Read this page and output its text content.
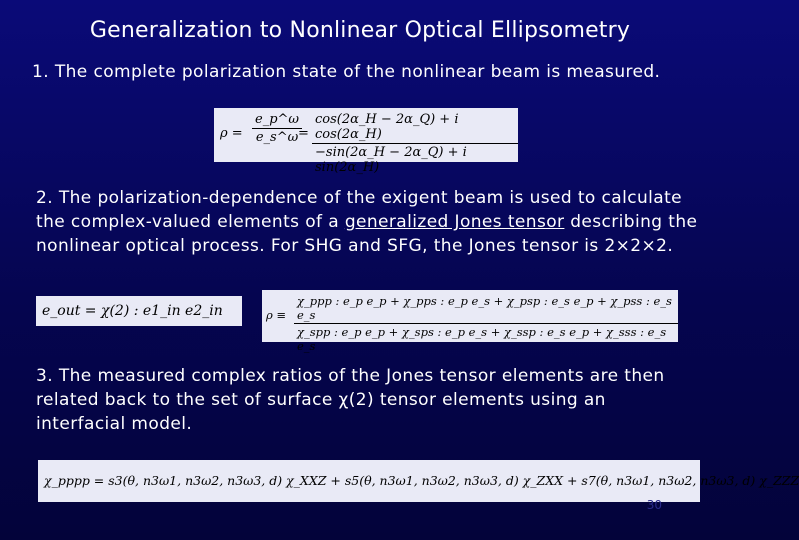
Generalization to Nonlinear Optical Ellipsometry
1. The complete polarization state of the nonlinear beam is measured.
$\rho = \frac{e\_p\^{}\omega}{e\_s\^{}\omega}$
= $\frac{\text{cos(2α\_H − 2α\_Q) + i cos(2α\_H)}}{\text{−sin(2α\_H − 2α\_Q) + i sin(2α\_H)}}$
2. The polarization-dependence of the exigent beam is used to calculate the complex-valued elements of a generalized Jones tensor describing the nonlinear optical process. For SHG and SFG, the Jones tensor is 2×2×2.
e_out = χ(2) : e1_in e2_in	ρ ≡
χ_ppp : e_p e_p + χ_pps : e_p e_s + χ_psp : e_s e_p + χ_pss : e_s e_s
χ_spp : e_p e_p + χ_sps : e_p e_s + χ_ssp : e_s e_p + χ_sss : e_s e_s
3. The measured complex ratios of the Jones tensor elements are then related back to the set of surface χ(2) tensor elements using an interfacial model.
χ_pppp = s3(θ, n3ω1, n3ω2, n3ω3, d) χ_XXZ + s5(θ, n3ω1, n3ω2, n3ω3, d) χ_ZXX + s7(θ, n3ω1, n3ω2, n3ω3, d) χ_ZZZ
30
